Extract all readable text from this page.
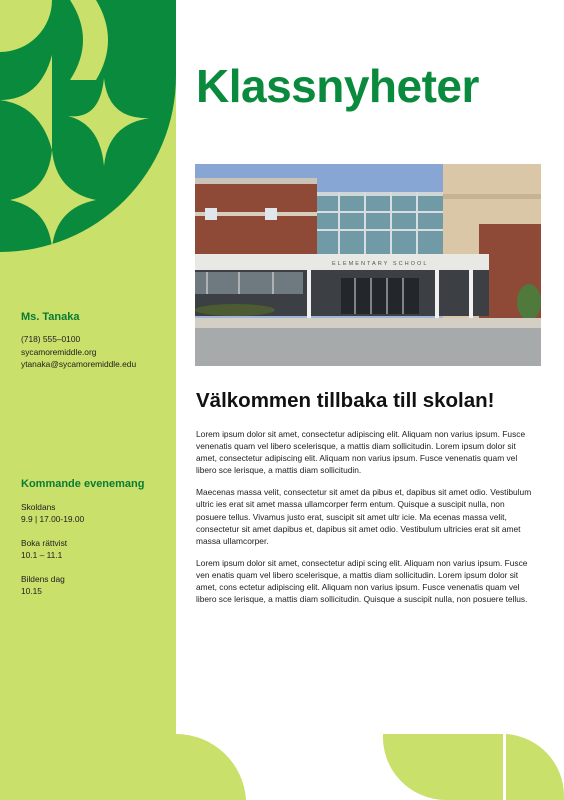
Ms. Tanaka

(718) 555–0100
sycamoremiddle.org
ytanaka@sycamoremiddle.edu

Kommande evenemang

Skoldans
9.9 | 17.00-19.00
Boka rättvist
10.1 – 11.1
Bildens dag
10.15
Klassnyheter
ELEMENTARY SCHOOL
Välkommen tillbaka till skolan!

Lorem ipsum dolor sit amet, consectetur adipiscing elit. Aliquam non varius ipsum. Fusce venenatis quam vel libero scelerisque, a mattis diam sollicitudin. Lorem ipsum dolor sit amet, consectetur adipiscing elit. Aliquam non varius ipsum. Fusce venenatis quam vel libero sce lerisque, a mattis diam sollicitudin.

Maecenas massa velit, consectetur sit amet da pibus et, dapibus sit amet odio. Vestibulum ultric ies erat sit amet massa ullamcorper ferm entum. Quisque a suscipit nulla, non posuere tellus. Vivamus justo erat, suscipit sit amet ultr icie. Ma ecenas massa velit, consectetur sit amet dapibus et, dapibus sit amet odio. Vestibulum ultricies erat sit amet massa ullamcorper.

Lorem ipsum dolor sit amet, consectetur adipi scing elit. Aliquam non varius ipsum. Fusce ven enatis quam vel libero scelerisque, a mattis diam sollicitudin. Lorem ipsum dolor sit amet, cons ectetur adipiscing elit. Aliquam non varius ipsum. Fusce venenatis quam vel libero sce lerisque, a mattis diam sollicitudin. Quisque a suscipit nulla, non posuere tellus.
